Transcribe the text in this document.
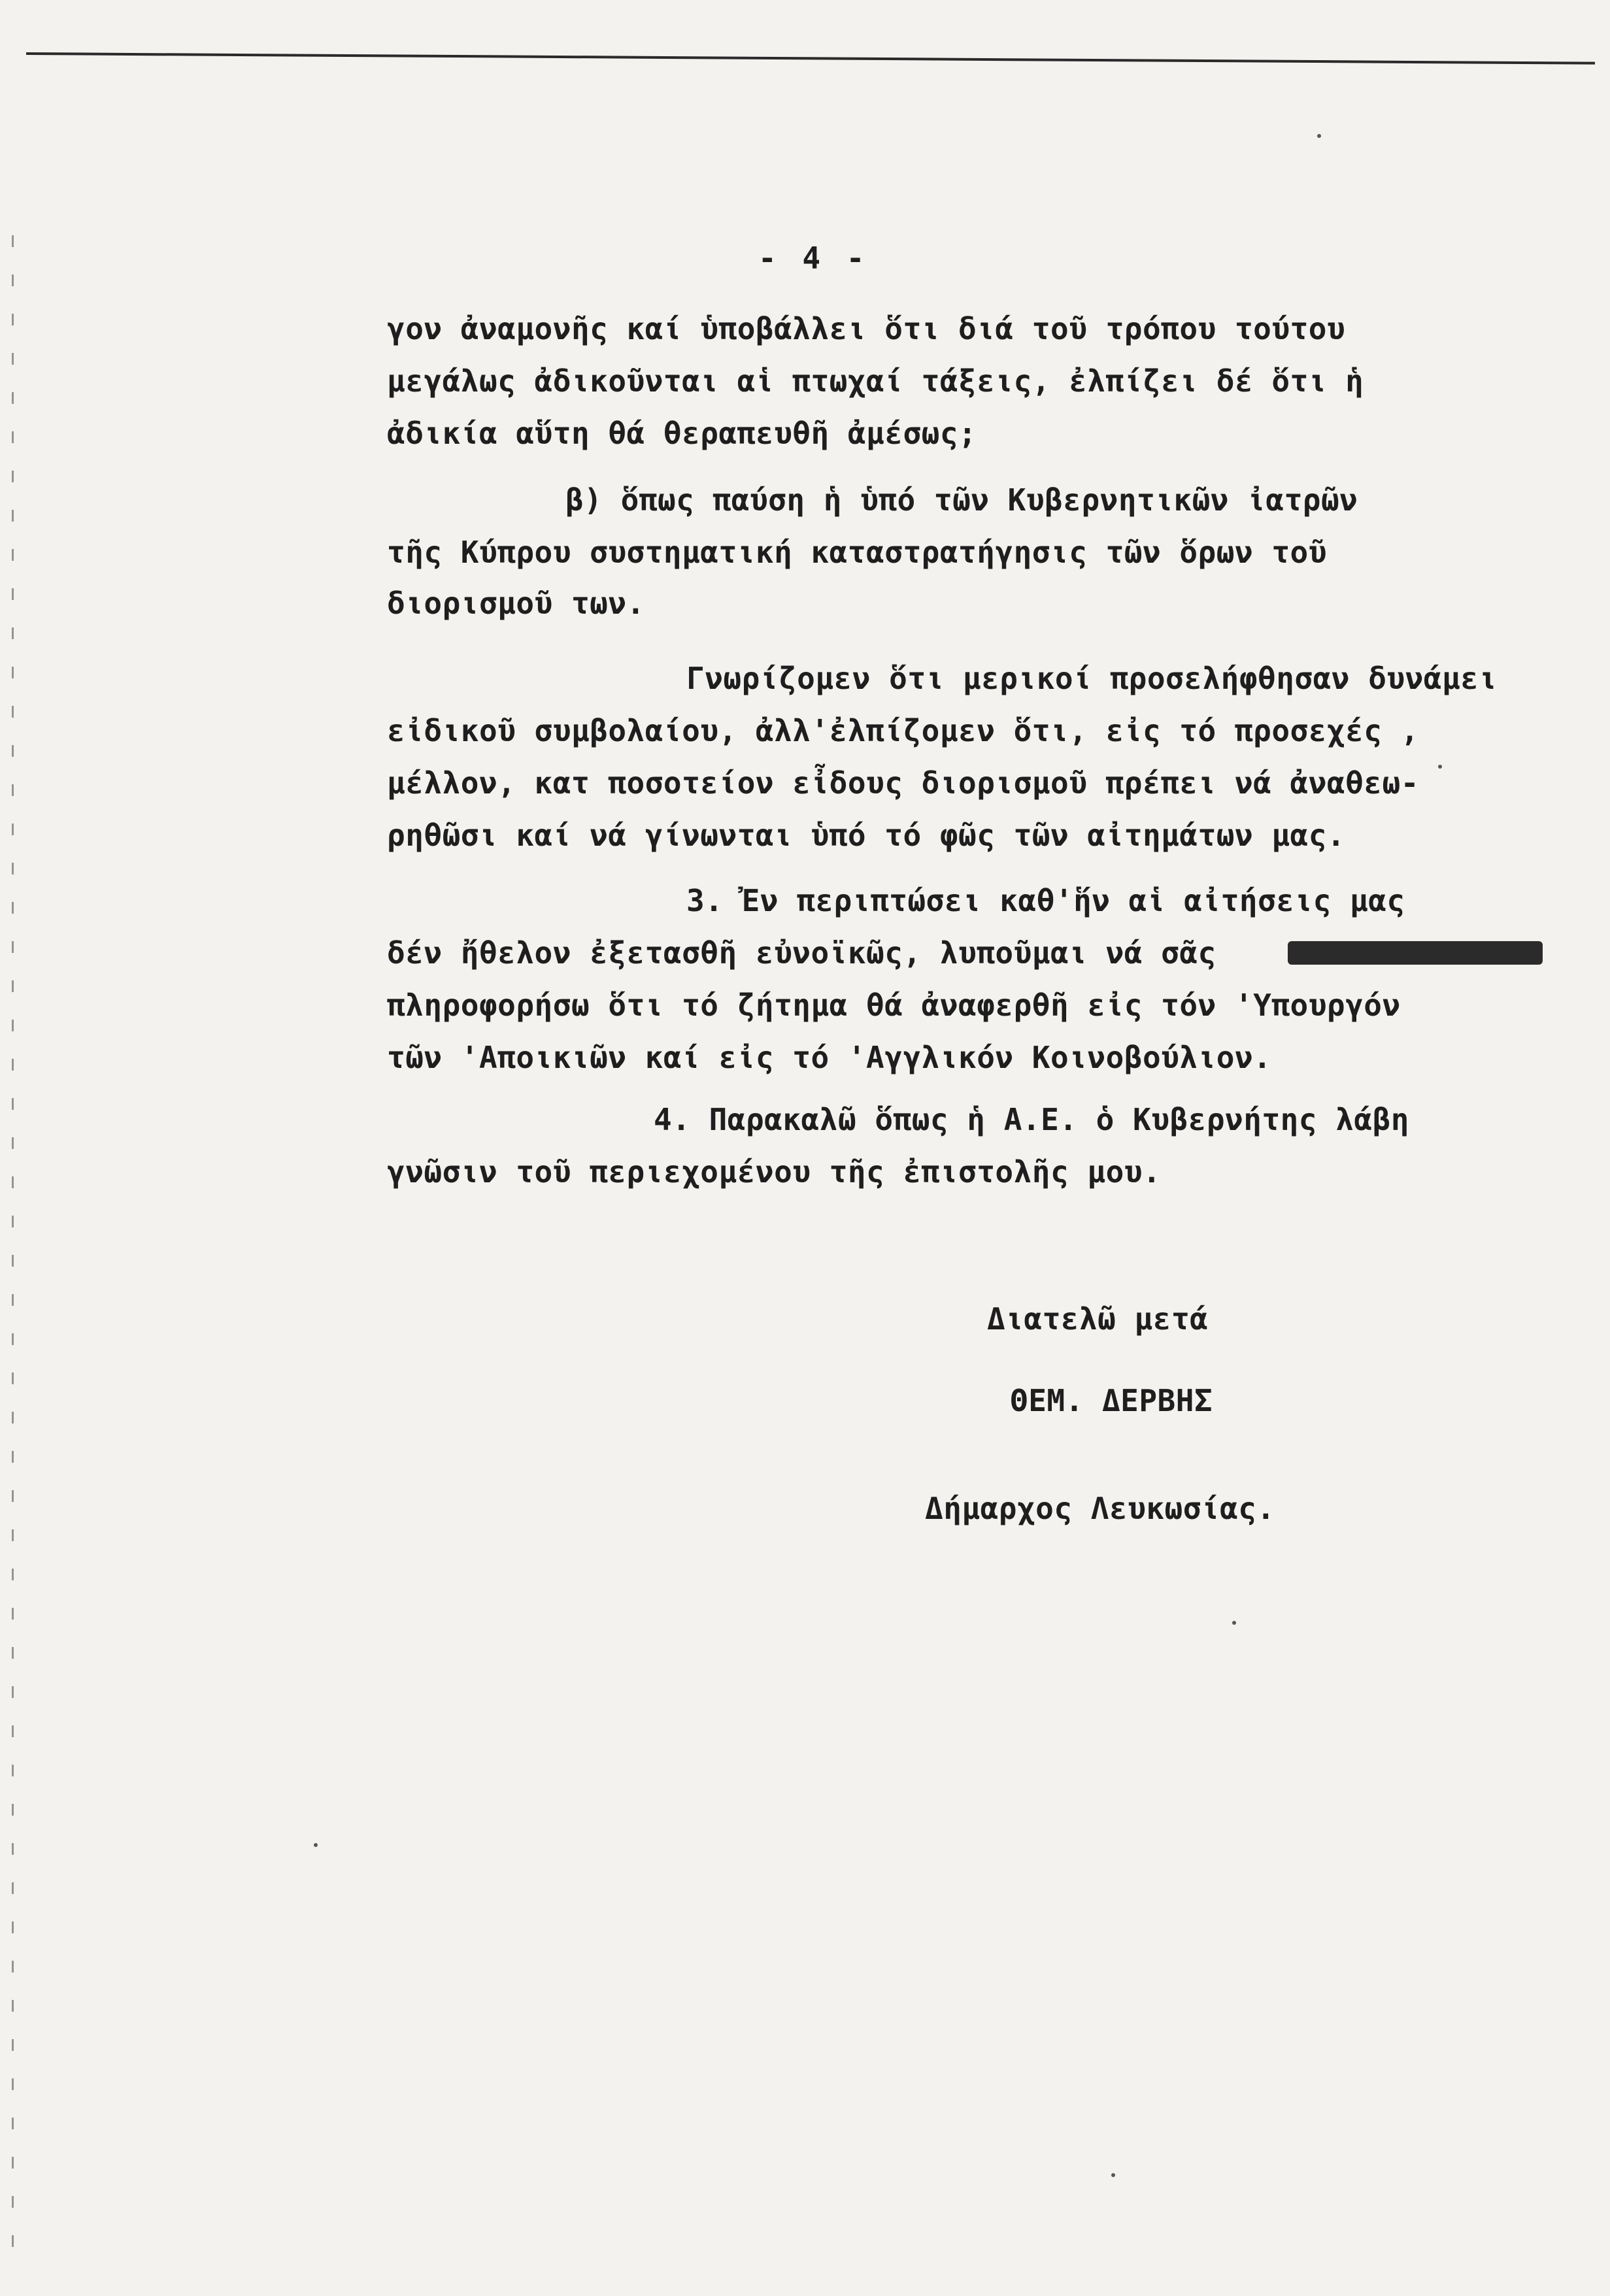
- 4 -
γον ἀναμονῆς καί ὑποβάλλει ὅτι διά τοῦ τρόπου τούτου
μεγάλως ἀδικοῦνται αἱ πτωχαί τάξεις, ἐλπίζει δέ ὅτι ἡ
ἀδικία αὕτη θά θεραπευθῆ ἀμέσως;
β) ὅπως παύση ἡ ὑπό τῶν Κυβερνητικῶν ἰατρῶν
τῆς Κύπρου συστηματική καταστρατήγησις τῶν ὅρων τοῦ
διορισμοῦ των.
Γνωρίζομεν ὅτι μερικοί προσελήφθησαν δυνάμει
εἰδικοῦ συμβολαίου, ἀλλ'ἐλπίζομεν ὅτι, εἰς τό προσεχές ,
μέλλον, κατ ποσοτείον εἶδους διορισμοῦ πρέπει νά ἀναθεω-
ρηθῶσι καί νά γίνωνται ὑπό τό φῶς τῶν αἰτημάτων μας.
3. Ἐν περιπτώσει καθ'ἥν αἱ αἰτήσεις μας
δέν ἤθελον ἐξετασθῆ εὐνοϊκῶς, λυποῦμαι νά σᾶς
πληροφορήσω ὅτι τό ζήτημα θά ἀναφερθῆ εἰς τόν 'Υπουργόν
τῶν 'Αποικιῶν καί εἰς τό 'Αγγλικόν Κοινοβούλιον.
4. Παρακαλῶ ὅπως ἡ Α.Ε. ὁ Κυβερνήτης λάβη
γνῶσιν τοῦ περιεχομένου τῆς ἐπιστολῆς μου.
Διατελῶ μετά
ΘΕΜ. ΔΕΡΒΗΣ
Δήμαρχος Λευκωσίας.
